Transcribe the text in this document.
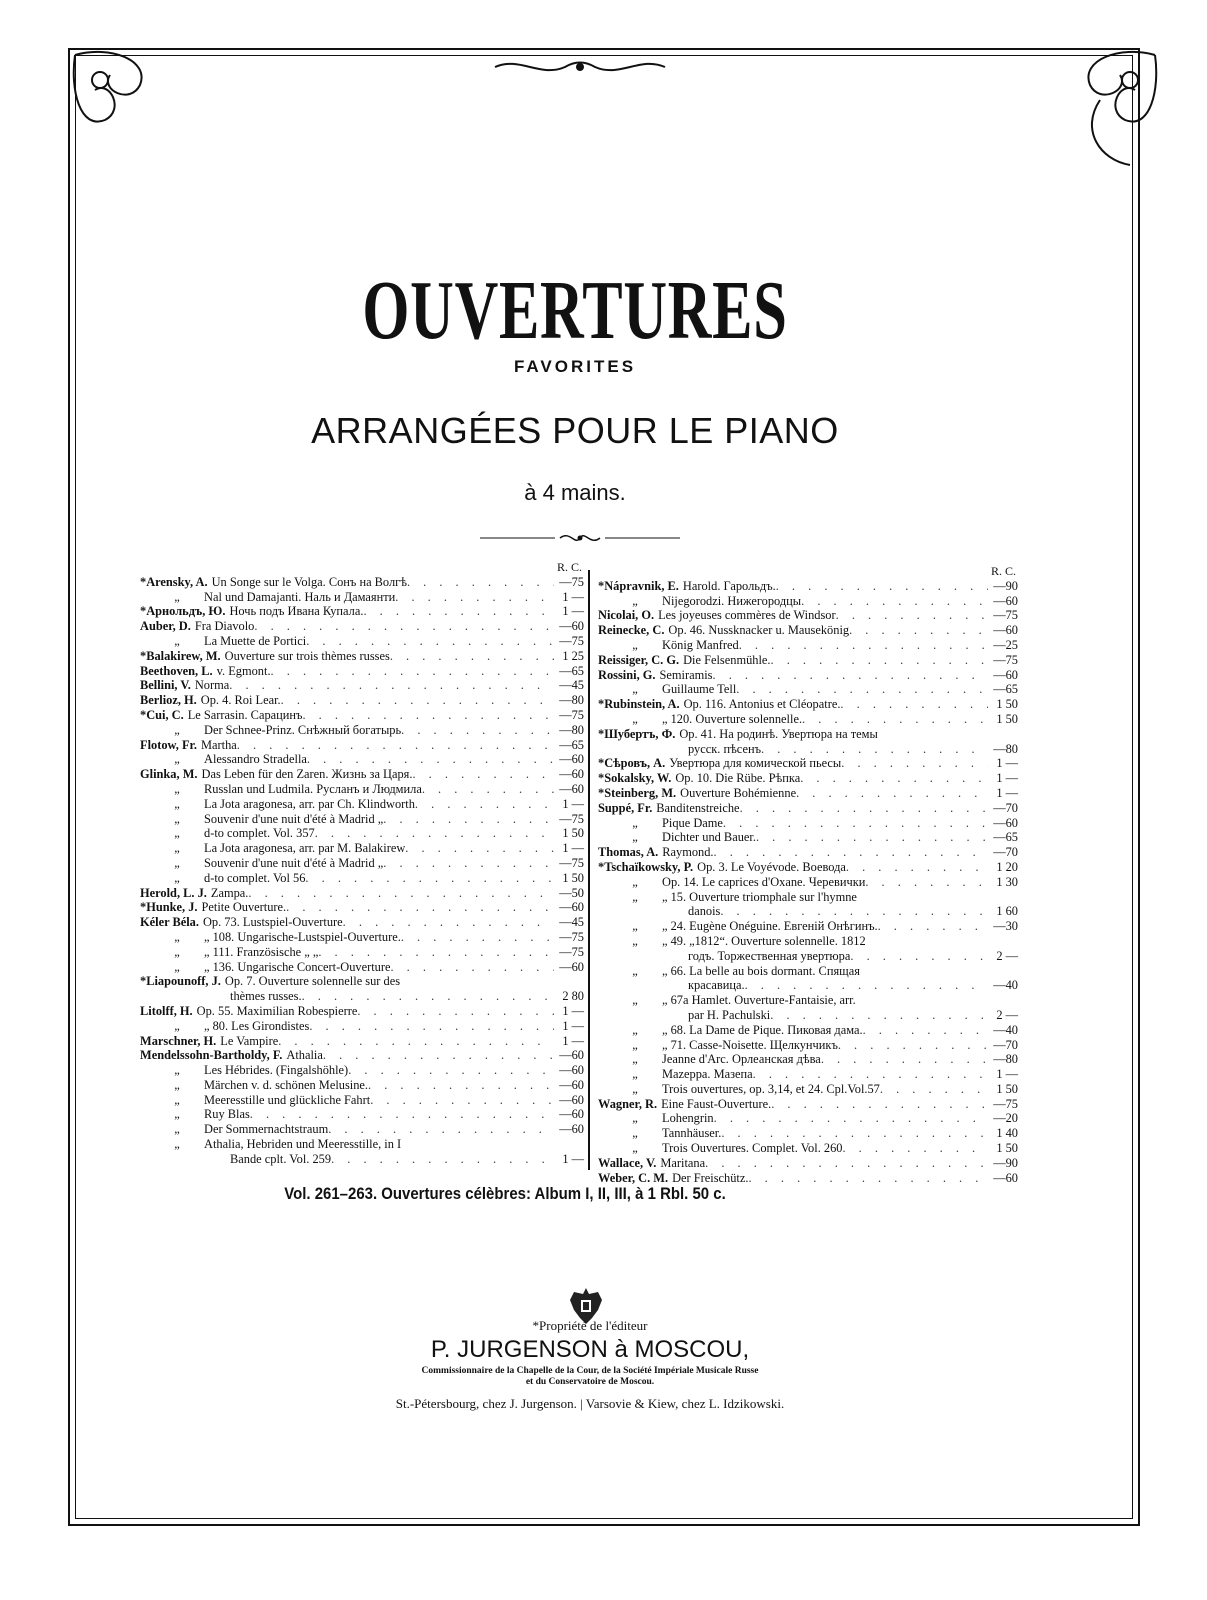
OUVERTURES
FAVORITES
ARRANGÉES POUR LE PIANO
à 4 mains.
R. C.
*Arensky, A. Un Songe sur le Volga. Сонъ на Волгѣ . . .	—75
„	Nal und Damajanti. Наль и Дамаянти . . .	1 —
*Арнольдъ, Ю. Ночь подъ Ивана Купала. . . .	1 —
Auber, D. Fra Diavolo . . .	—60
„	La Muette de Portici . . .	—75
*Balakirew, M. Ouverture sur trois thèmes russes . . .	1 25
Beethoven, L. v. Egmont. . . .	—65
Bellini, V. Norma . . .	—45
Berlioz, H. Op. 4. Roi Lear. . . .	—80
*Cui, C. Le Sarrasin. Сарацинъ . . .	—75
„	Der Schnee-Prinz. Снѣжный богатырь . . .	—80
Flotow, Fr. Martha . . .	—65
„	Alessandro Stradella . . .	—60
Glinka, M. Das Leben für den Zaren. Жизнь за Царя. . . .	—60
„	Russlan und Ludmila. Русланъ и Людмила . . .	—60
„	La Jota aragonesa, arr. par Ch. Klindworth . . .	1 —
„	Souvenir d'une nuit d'été à Madrid „ . . .	—75
„	d-to complet. Vol. 357 . . .	1 50
„	La Jota aragonesa, arr. par M. Balakirew . . .	1 —
„	Souvenir d'une nuit d'été à Madrid „ . . .	—75
„	d-to complet. Vol 56 . . .	1 50
Herold, L. J. Zampa. . . .	—50
*Hunke, J. Petite Ouverture. . . .	—60
Kéler Béla. Op. 73. Lustspiel-Ouverture . . .	—45
„	„ 108. Ungarische-Lustspiel-Ouverture. . . .	—75
„	„ 111. Französische „ „ . . .	—75
„	„ 136. Ungarische Concert-Ouverture . . .	—60
*Liapounoff, J. Op. 7. Ouverture solennelle sur des
thèmes russes. . . .	2 80
Litolff, H. Op. 55. Maximilian Robespierre . . .	1 —
„	„ 80. Les Girondistes . . .	1 —
Marschner, H. Le Vampire . . .	1 —
Mendelssohn-Bartholdy, F. Athalia . . .	—60
„	Les Hébrides. (Fingalshöhle) . . .	—60
„	Märchen v. d. schönen Melusine. . . .	—60
„	Meeresstille und glückliche Fahrt . . .	—60
„	Ruy Blas . . .	—60
„	Der Sommernachtstraum . . .	—60
„	Athalia, Hebriden und Meeresstille, in I
Bande cplt. Vol. 259 . . .	1 —
R. C.
*Nápravnik, E. Harold. Гарольдъ. . . .	—90
„	Nijegorodzi. Нижегородцы . . .	—60
Nicolai, O. Les joyeuses commères de Windsor . . .	—75
Reinecke, C. Op. 46. Nussknacker u. Mausekönig . . .	—60
„	König Manfred . . .	—25
Reissiger, C. G. Die Felsenmühle. . . .	—75
Rossini, G. Semiramis . . .	—60
„	Guillaume Tell . . .	—65
*Rubinstein, A. Op. 116. Antonius et Cléopatre. . . .	1 50
„	„ 120. Ouverture solennelle. . . .	1 50
*Шубертъ, Ф. Op. 41. На родинѣ. Увертюра на темы
русск. пѣсенъ . . .	—80
*Сѣровъ, А. Увертюра для комической пьесы . . .	1 —
*Sokalsky, W. Op. 10. Die Rübe. Рѣпка . . .	1 —
*Steinberg, M. Ouverture Bohémienne . . .	1 —
Suppé, Fr. Banditenstreiche . . .	—70
„	Pique Dame . . .	—60
„	Dichter und Bauer. . . .	—65
Thomas, A. Raymond. . . .	—70
*Tschaïkowsky, P. Op. 3. Le Voyévode. Воевода . . .	1 20
„	Op. 14. Le caprices d'Oxane. Черевички . . .	1 30
„	„ 15. Ouverture triomphale sur l'hymne
danois . . .	1 60
„	„ 24. Eugène Onéguine. Евгеній Онѣгинъ. . . .	—30
„	„ 49. „1812“. Ouverture solennelle. 1812
годъ. Торжественная увертюра . . .	2 —
„	„ 66. La belle au bois dormant. Спящая
красавица. . . .	—40
„	„ 67a Hamlet. Ouverture-Fantaisie, arr.
par H. Pachulski . . .	2 —
„	„ 68. La Dame de Pique. Пиковая дама. . . .	—40
„	„ 71. Casse-Noisette. Щелкунчикъ . . .	—70
„	Jeanne d'Arc. Орлеанская дѣва . . .	—80
„	Mazeppa. Мазепа . . .	1 —
„	Trois ouvertures, op. 3,14, et 24. Cpl.Vol.57 . . .	1 50
Wagner, R. Eine Faust-Ouverture. . . .	—75
„	Lohengrin . . .	—20
„	Tannhäuser. . . .	1 40
„	Trois Ouvertures. Complet. Vol. 260 . . .	1 50
Wallace, V. Maritana . . .	—90
Weber, C. M. Der Freischütz. . . .	—60
Vol. 261–263. Ouvertures célèbres: Album I, II, III, à 1 Rbl. 50 c.
*Propriété de l'éditeur
P. JURGENSON à MOSCOU,
Commissionnaire de la Chapelle de la Cour, de la Société Impériale Musicale Russe
et du Conservatoire de Moscou.
St.-Pétersbourg, chez J. Jurgenson. | Varsovie & Kiew, chez L. Idzikowski.
